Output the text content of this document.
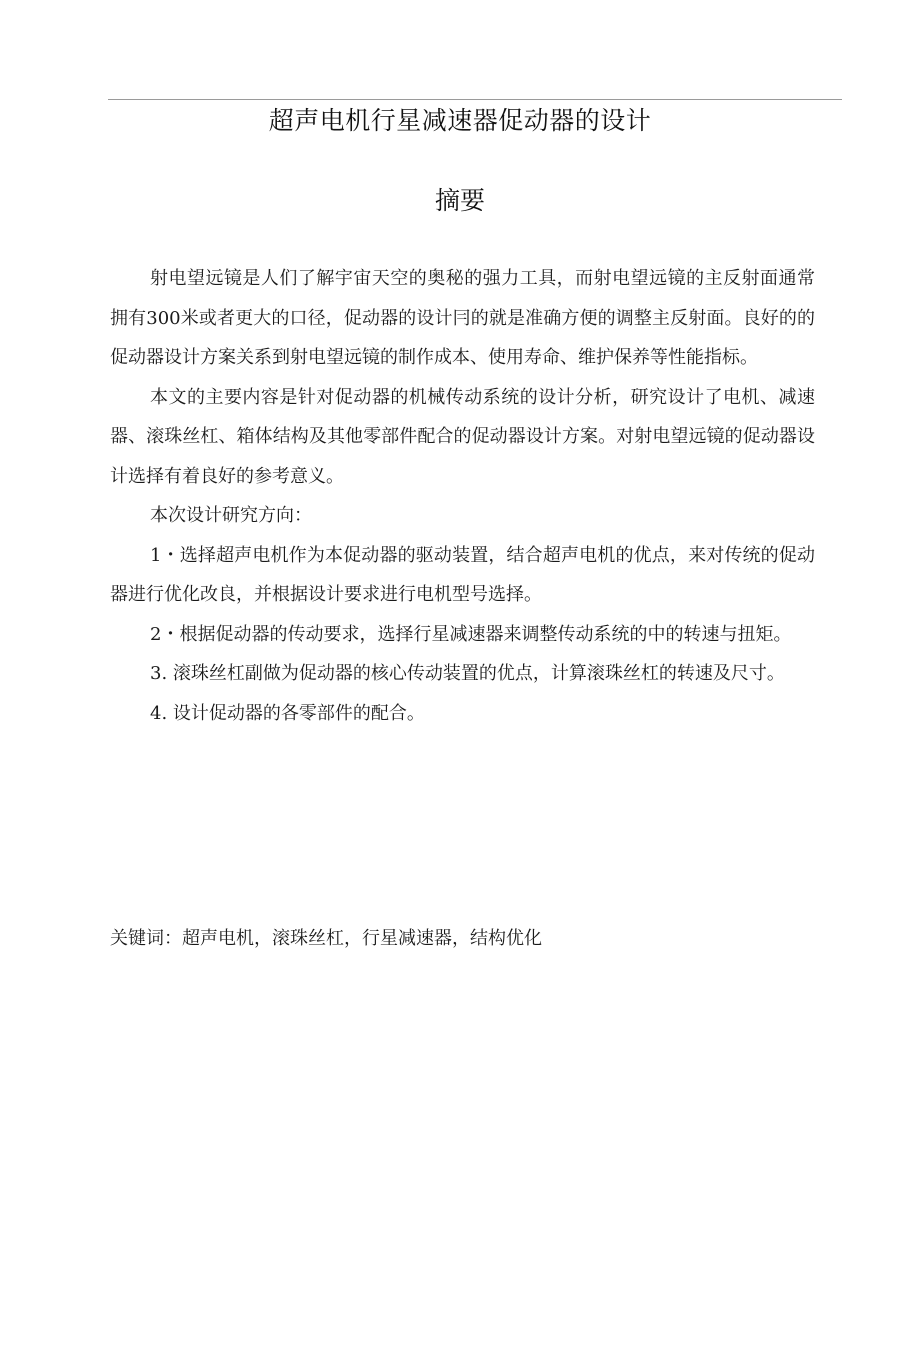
超声电机行星减速器促动器的设计
摘要

射电望远镜是人们了解宇宙天空的奥秘的强力工具，而射电望远镜的主反射面通常拥有300米或者更大的口径，促动器的设计冃的就是准确方便的调整主反射面。良好的的促动器设计方案关系到射电望远镜的制作成本、使用寿命、维护保养等性能指标。

本文的主要内容是针对促动器的机械传动系统的设计分析，研究设计了电机、减速器、滚珠丝杠、箱体结构及其他零部件配合的促动器设计方案。对射电望远镜的促动器设计选择有着良好的参考意义。

本次设计研究方向：

1・选择超声电机作为本促动器的驱动装置，结合超声电机的优点，来对传统的促动器进行优化改良，并根据设计要求进行电机型号选择。

2・根据促动器的传动要求，选择行星减速器来调整传动系统的中的转速与扭矩。

3. 滚珠丝杠副做为促动器的核心传动装置的优点，计算滚珠丝杠的转速及尺寸。

4. 设计促动器的各零部件的配合。

关键词：超声电机，滚珠丝杠，行星减速器，结构优化
